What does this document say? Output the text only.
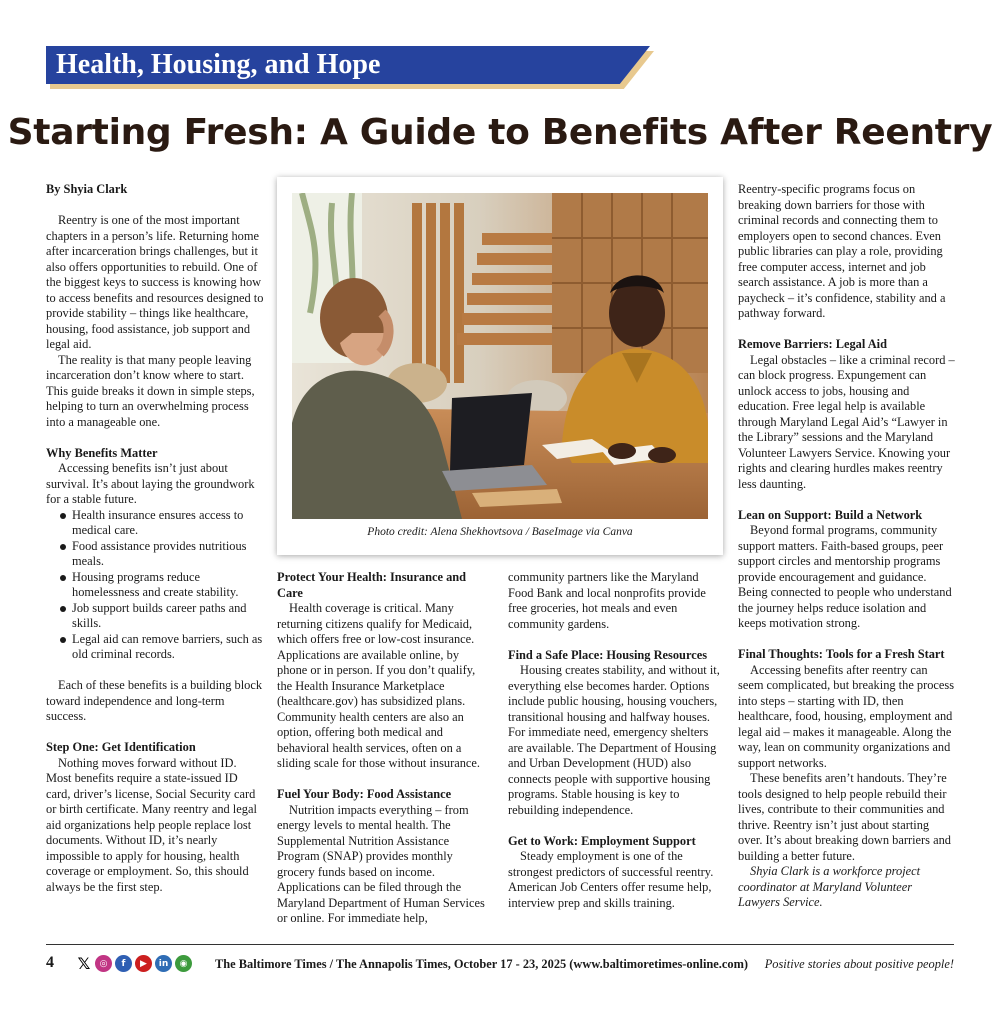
Health, Housing, and Hope
Starting Fresh: A Guide to Benefits After Reentry

By Shyia Clark

Reentry is one of the most important chapters in a person’s life. Returning home after incarceration brings challenges, but it also offers opportunities to rebuild. One of the biggest keys to success is knowing how to access benefits and resources designed to provide stability – things like healthcare, housing, food assistance, job support and legal aid.

The reality is that many people leaving incarceration don’t know where to start. This guide breaks it down in simple steps, helping to turn an overwhelming process into a manageable one.

Why Benefits Matter

Accessing benefits isn’t just about survival. It’s about laying the groundwork for a stable future.

Health insurance ensures access to medical care.
Food assistance provides nutritious meals.
Housing programs reduce homelessness and create stability.
Job support builds career paths and skills.
Legal aid can remove barriers, such as old criminal records.

Each of these benefits is a building block toward independence and long-term success.

Step One: Get Identification

Nothing moves forward without ID. Most benefits require a state-issued ID card, driver’s license, Social Security card or birth certificate. Many reentry and legal aid organizations help people replace lost documents. Without ID, it’s nearly impossible to apply for housing, health coverage or employment. So, this should always be the first step.

Photo credit: Alena Shekhovtsova / BaseImage via Canva

Protect Your Health: Insurance and Care

Health coverage is critical. Many returning citizens qualify for Medicaid, which offers free or low-cost insurance. Applications are available online, by phone or in person. If you don’t qualify, the Health Insurance Marketplace (healthcare.gov) has subsidized plans. Community health centers are also an option, offering both medical and behavioral health services, often on a sliding scale for those without insurance.

Fuel Your Body: Food Assistance

Nutrition impacts everything – from energy levels to mental health. The Supplemental Nutrition Assistance Program (SNAP) provides monthly grocery funds based on income. Applications can be filed through the Maryland Department of Human Services or online. For immediate help,

community partners like the Maryland Food Bank and local nonprofits provide free groceries, hot meals and even community gardens.

Find a Safe Place: Housing Resources

Housing creates stability, and without it, everything else becomes harder. Options include public housing, housing vouchers, transitional housing and halfway houses. For immediate need, emergency shelters are available. The Department of Housing and Urban Development (HUD) also connects people with supportive housing programs. Stable housing is key to rebuilding independence.

Get to Work: Employment Support

Steady employment is one of the strongest predictors of successful reentry. American Job Centers offer resume help, interview prep and skills training.

Reentry-specific programs focus on breaking down barriers for those with criminal records and connecting them to employers open to second chances. Even public libraries can play a role, providing free computer access, internet and job search assistance. A job is more than a paycheck – it’s confidence, stability and a pathway forward.

Remove Barriers: Legal Aid

Legal obstacles – like a criminal record – can block progress. Expungement can unlock access to jobs, housing and education. Free legal help is available through Maryland Legal Aid’s “Lawyer in the Library” sessions and the Maryland Volunteer Lawyers Service. Knowing your rights and clearing hurdles makes reentry less daunting.

Lean on Support: Build a Network

Beyond formal programs, community support matters. Faith-based groups, peer support circles and mentorship programs provide encouragement and guidance. Being connected to people who understand the journey helps reduce isolation and keeps motivation strong.

Final Thoughts: Tools for a Fresh Start

Accessing benefits after reentry can seem complicated, but breaking the process into steps – starting with ID, then healthcare, food, housing, employment and legal aid – makes it manageable. Along the way, lean on community organizations and support networks.

These benefits aren’t handouts. They’re tools designed to help people rebuild their lives, contribute to their communities and thrive. Reentry isn’t just about starting over. It’s about breaking down barriers and building a better future.

Shyia Clark is a workforce project coordinator at Maryland Volunteer Lawyers Service.

4 𝕏	◎	f	▶	in	◉	The Baltimore Times / The Annapolis Times, October 17 - 23, 2025 (www.baltimoretimes-online.com) Positive stories about positive people!
